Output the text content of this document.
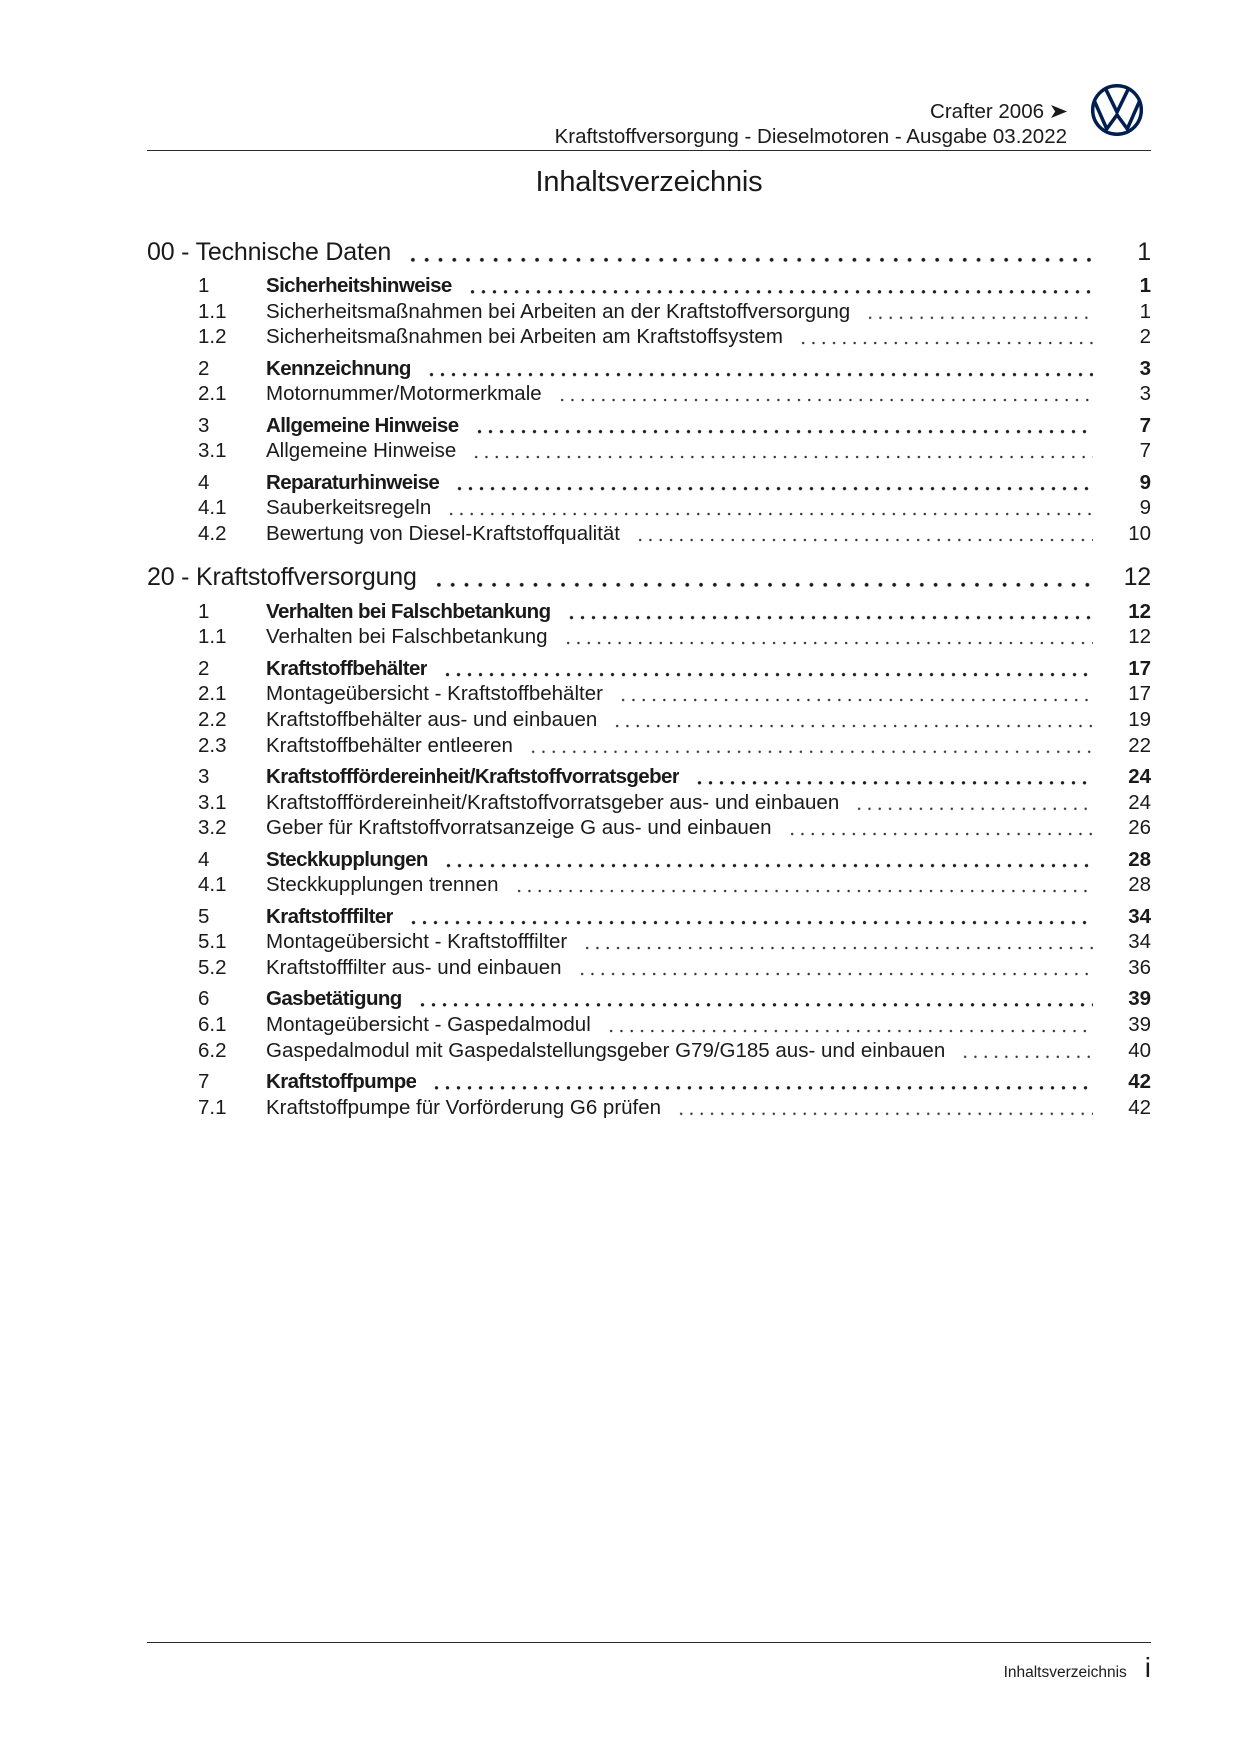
Crafter 2006
Kraftstoffversorgung - Dieselmotoren - Ausgabe 03.2022
Inhaltsverzeichnis
00 - Technische Daten	1
1	Sicherheitshinweise	1
1.1	Sicherheitsmaßnahmen bei Arbeiten an der Kraftstoffversorgung	1
1.2	Sicherheitsmaßnahmen bei Arbeiten am Kraftstoffsystem	2
2	Kennzeichnung	3
2.1	Motornummer/Motormerkmale	3
3	Allgemeine Hinweise	7
3.1	Allgemeine Hinweise	7
4	Reparaturhinweise	9
4.1	Sauberkeitsregeln	9
4.2	Bewertung von Diesel-Kraftstoffqualität	10
20 - Kraftstoffversorgung	12
1	Verhalten bei Falschbetankung	12
1.1	Verhalten bei Falschbetankung	12
2	Kraftstoffbehälter	17
2.1	Montageübersicht - Kraftstoffbehälter	17
2.2	Kraftstoffbehälter aus- und einbauen	19
2.3	Kraftstoffbehälter entleeren	22
3	Kraftstofffördereinheit/Kraftstoffvorratsgeber	24
3.1	Kraftstofffördereinheit/Kraftstoffvorratsgeber aus- und einbauen	24
3.2	Geber für Kraftstoffvorratsanzeige G aus- und einbauen	26
4	Steckkupplungen	28
4.1	Steckkupplungen trennen	28
5	Kraftstofffilter	34
5.1	Montageübersicht - Kraftstofffilter	34
5.2	Kraftstofffilter aus- und einbauen	36
6	Gasbetätigung	39
6.1	Montageübersicht - Gaspedalmodul	39
6.2	Gaspedalmodul mit Gaspedalstellungsgeber G79/G185 aus- und einbauen	40
7	Kraftstoffpumpe	42
7.1	Kraftstoffpumpe für Vorförderung G6 prüfen	42
Inhaltsverzeichnis i
